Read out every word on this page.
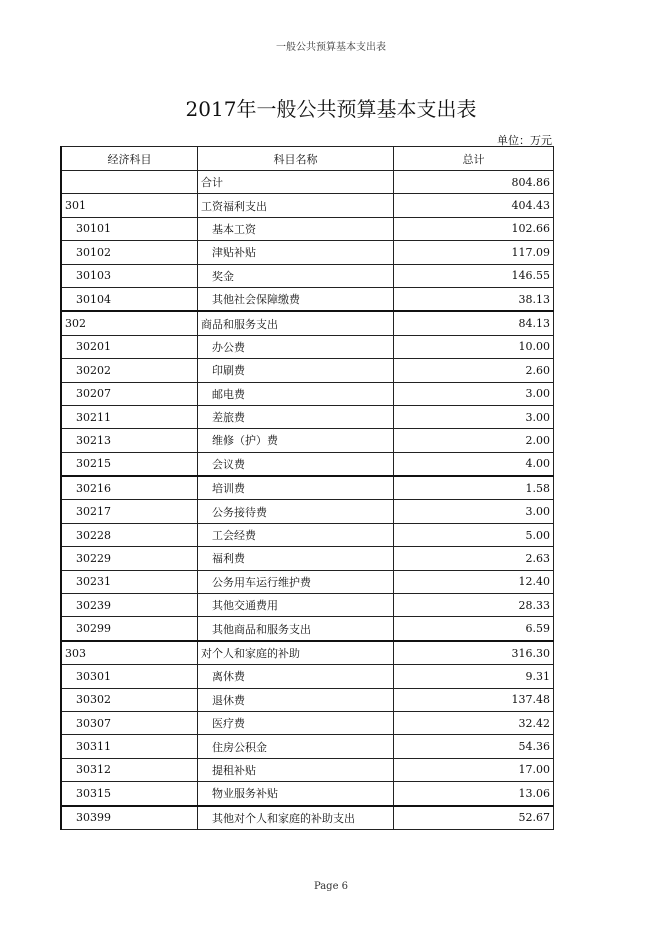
一般公共预算基本支出表
2017年一般公共预算基本支出表
单位：万元
经济科目	科目名称	总计
	合计	804.86
301	工资福利支出	404.43
30101	基本工资	102.66
30102	津贴补贴	117.09
30103	奖金	146.55
30104	其他社会保障缴费	38.13
302	商品和服务支出	84.13
30201	办公费	10.00
30202	印刷费	2.60
30207	邮电费	3.00
30211	差旅费	3.00
30213	维修（护）费	2.00
30215	会议费	4.00
30216	培训费	1.58
30217	公务接待费	3.00
30228	工会经费	5.00
30229	福利费	2.63
30231	公务用车运行维护费	12.40
30239	其他交通费用	28.33
30299	其他商品和服务支出	6.59
303	对个人和家庭的补助	316.30
30301	离休费	9.31
30302	退休费	137.48
30307	医疗费	32.42
30311	住房公积金	54.36
30312	提租补贴	17.00
30315	物业服务补贴	13.06
30399	其他对个人和家庭的补助支出	52.67
Page 6
